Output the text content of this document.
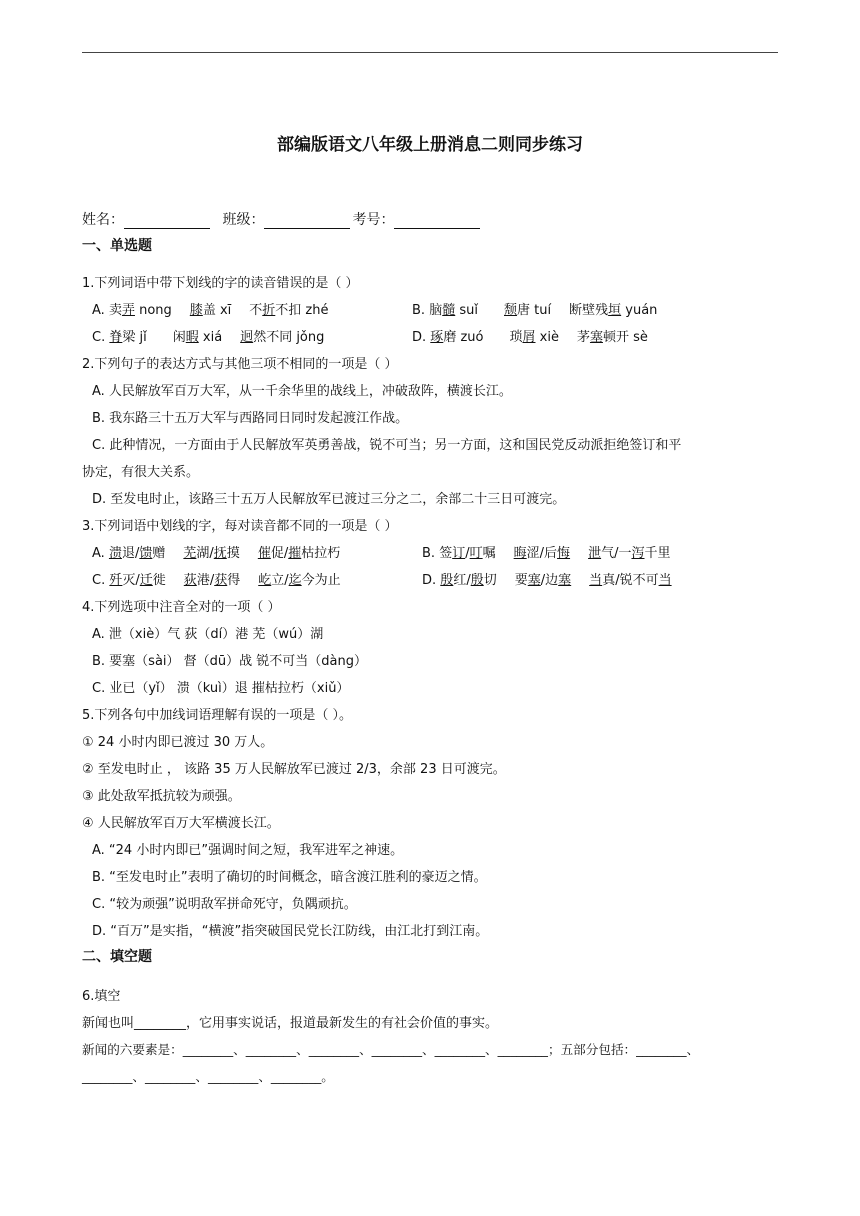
部编版语文八年级上册消息二则同步练习
姓名：	班级：	考号：
一、单选题
1.下列词语中带下划线的字的读音错误的是（ ）
A. 卖弄 nong 膝盖 xī 不折不扣 zhé	B. 脑髓 suǐ 颓唐 tuí 断壁残垣 yuán
C. 脊梁 jǐ 闲暇 xiá 迥然不同 jǒng	D. 琢磨 zuó 琐屑 xiè 茅塞顿开 sè
2.下列句子的表达方式与其他三项不相同的一项是（ ）
A. 人民解放军百万大军，从一千余华里的战线上，冲破敌阵，横渡长江。
B. 我东路三十五万大军与西路同日同时发起渡江作战。
C. 此种情况，一方面由于人民解放军英勇善战，锐不可当；另一方面，这和国民党反动派拒绝签订和平
协定，有很大关系。
D. 至发电时止，该路三十五万人民解放军已渡过三分之二，余部二十三日可渡完。
3.下列词语中划线的字，每对读音都不同的一项是（ ）
A. 溃退/馈赠 芜湖/抚摸 催促/摧枯拉朽	B. 签订/叮嘱 晦涩/后悔 泄气/一泻千里
C. 歼灭/迁徙 荻港/获得 屹立/迄今为止	D. 殷红/殷切 要塞/边塞 当真/锐不可当
4.下列选项中注音全对的一项（ ）
A. 泄（xiè）气 荻（dí）港 芜（wú）湖
B. 要塞（sài） 督（dū）战 锐不可当（dàng）
C. 业已（yǐ） 溃（kuì）退 摧枯拉朽（xiǔ）
5.下列各句中加线词语理解有误的一项是（ ）。
① 24 小时内即已渡过 30 万人。
② 至发电时止 ， 该路 35 万人民解放军已渡过 2/3，余部 23 日可渡完。
③ 此处敌军抵抗较为顽强。
④ 人民解放军百万大军横渡长江。
A. “24 小时内即已”强调时间之短，我军进军之神速。
B. “至发电时止”表明了确切的时间概念，暗含渡江胜利的豪迈之情。
C. “较为顽强”说明敌军拼命死守，负隅顽抗。
D. “百万”是实指，“横渡”指突破国民党长江防线，由江北打到江南。
二、填空题
6.填空
新闻也叫________，它用事实说话，报道最新发生的有社会价值的事实。
新闻的六要素是：________、________、________、________、________、________；五部分包括：________、
________、________、________、________。
